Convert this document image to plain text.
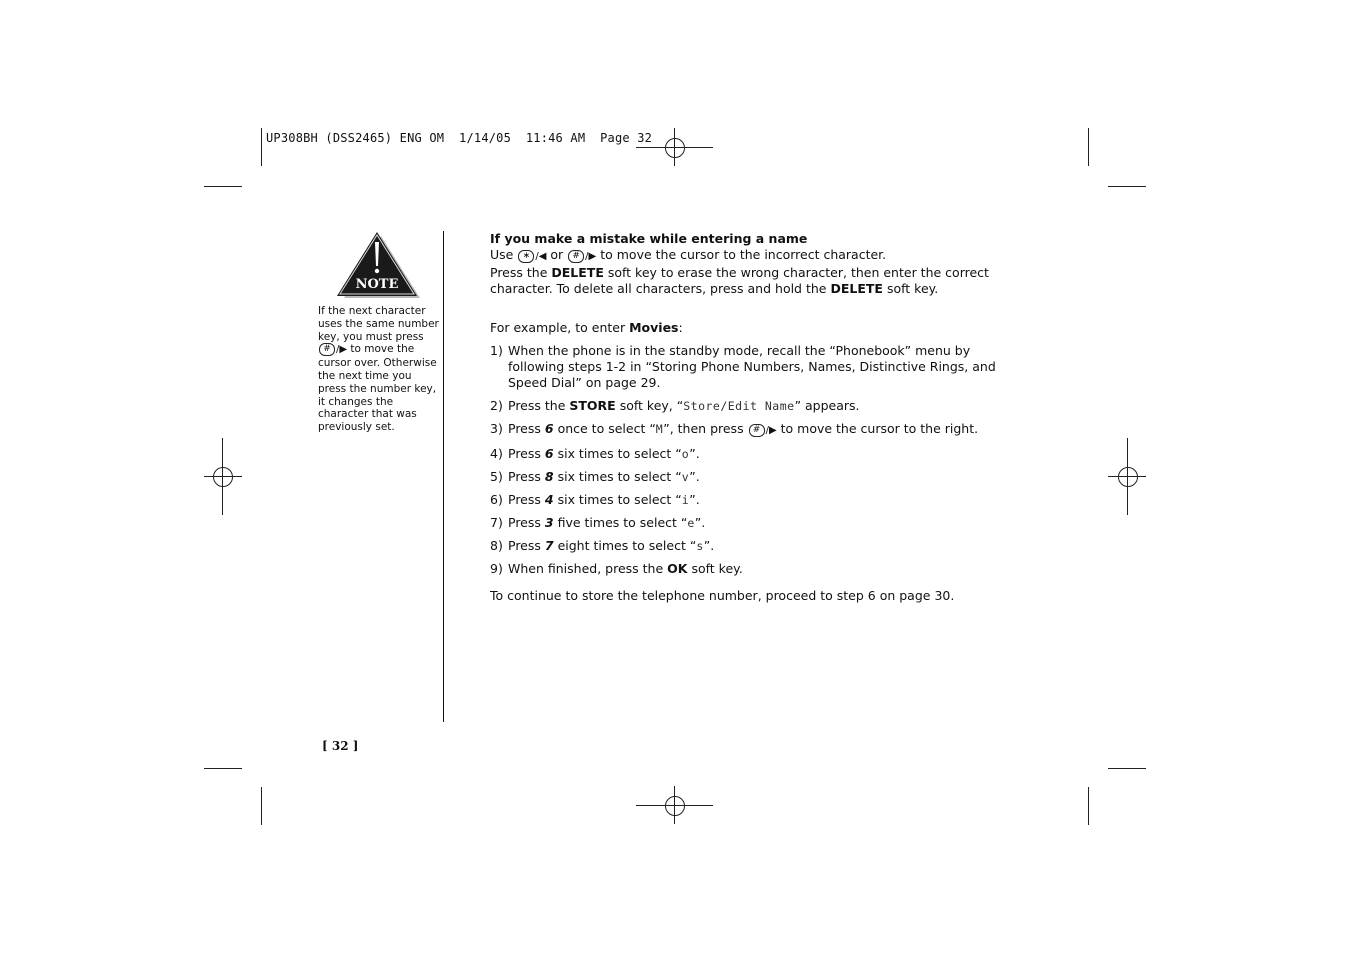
UP308BH (DSS2465) ENG OM  1/14/05  11:46 AM  Page 32
NOTE
If the next character uses the same number key, you must press # /▶ to move the cursor over. Otherwise the next time you press the number key, it changes the character that was previously set.

If you make a mistake while entering a name

Use ∗ /◀ or # /▶ to move the cursor to the incorrect character.
Press the DELETE soft key to erase the wrong character, then enter the correct character. To delete all characters, press and hold the DELETE soft key.

For example, to enter Movies:

1) When the phone is in the standby mode, recall the “Phonebook” menu by following steps 1-2 in “Storing Phone Numbers, Names, Distinctive Rings, and Speed Dial” on page 29.

2) Press the STORE soft key, “Store/Edit Name” appears.

3) Press 6 once to select “M”, then press # /▶ to move the cursor to the right.

4) Press 6 six times to select “o”.

5) Press 8 six times to select “v”.

6) Press 4 six times to select “i”.

7) Press 3 five times to select “e”.

8) Press 7 eight times to select “s”.

9) When finished, press the OK soft key.

To continue to store the telephone number, proceed to step 6 on page 30.

[ 32 ]
